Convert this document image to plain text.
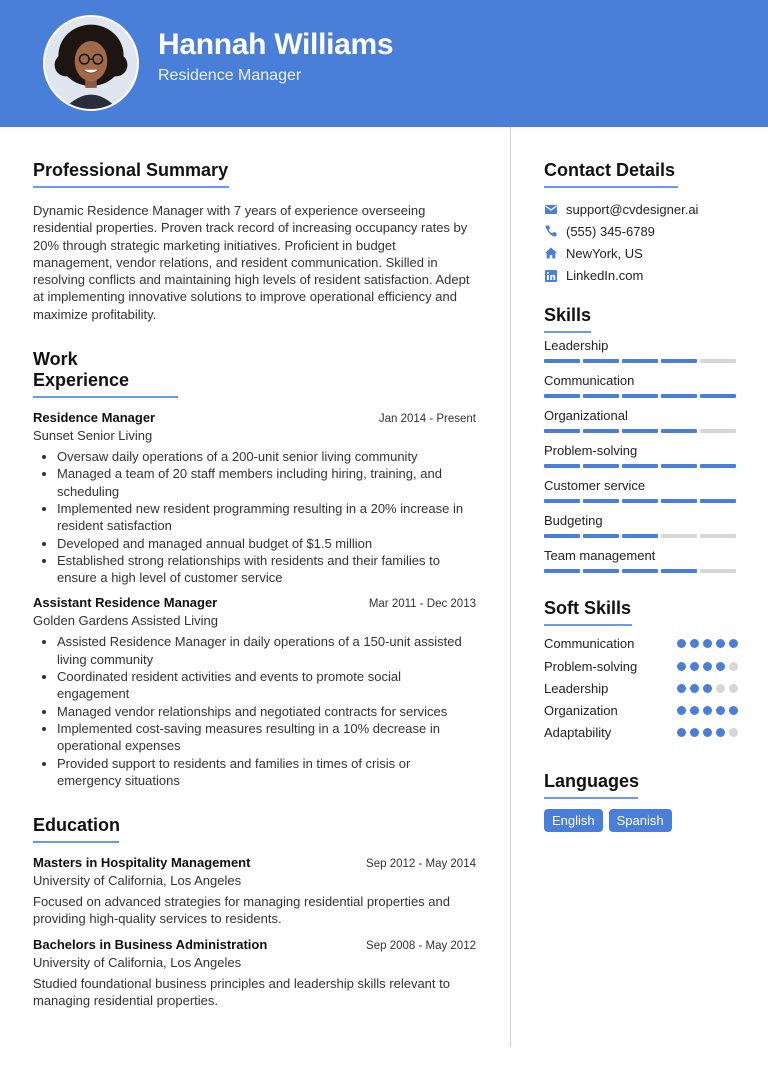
Hannah Williams
Residence Manager
Professional Summary

Dynamic Residence Manager with 7 years of experience overseeing residential properties. Proven track record of increasing occupancy rates by 20% through strategic marketing initiatives. Proficient in budget management, vendor relations, and resident communication. Skilled in resolving conflicts and maintaining high levels of resident satisfaction. Adept at implementing innovative solutions to improve operational efficiency and maximize profitability.

Work Experience
Residence Manager	Jan 2014 - Present
Sunset Senior Living
• Oversaw daily operations of a 200-unit senior living community
• Managed a team of 20 staff members including hiring, training, and scheduling
• Implemented new resident programming resulting in a 20% increase in resident satisfaction
• Developed and managed annual budget of $1.5 million
• Established strong relationships with residents and their families to ensure a high level of customer service
Assistant Residence Manager	Mar 2011 - Dec 2013
Golden Gardens Assisted Living
• Assisted Residence Manager in daily operations of a 150-unit assisted living community
• Coordinated resident activities and events to promote social engagement
• Managed vendor relationships and negotiated contracts for services
• Implemented cost-saving measures resulting in a 10% decrease in operational expenses
• Provided support to residents and families in times of crisis or emergency situations
Education
Masters in Hospitality Management	Sep 2012 - May 2014
University of California, Los Angeles

Focused on advanced strategies for managing residential properties and providing high-quality services to residents.

Bachelors in Business Administration	Sep 2008 - May 2012
University of California, Los Angeles

Studied foundational business principles and leadership skills relevant to managing residential properties.

Contact Details
support@cvdesigner.ai
(555) 345-6789
NewYork, US
LinkedIn.com
Skills
Leadership
Communication
Organizational
Problem-solving
Customer service
Budgeting
Team management
Soft Skills
Communication
Problem-solving
Leadership
Organization
Adaptability
Languages
English	Spanish
